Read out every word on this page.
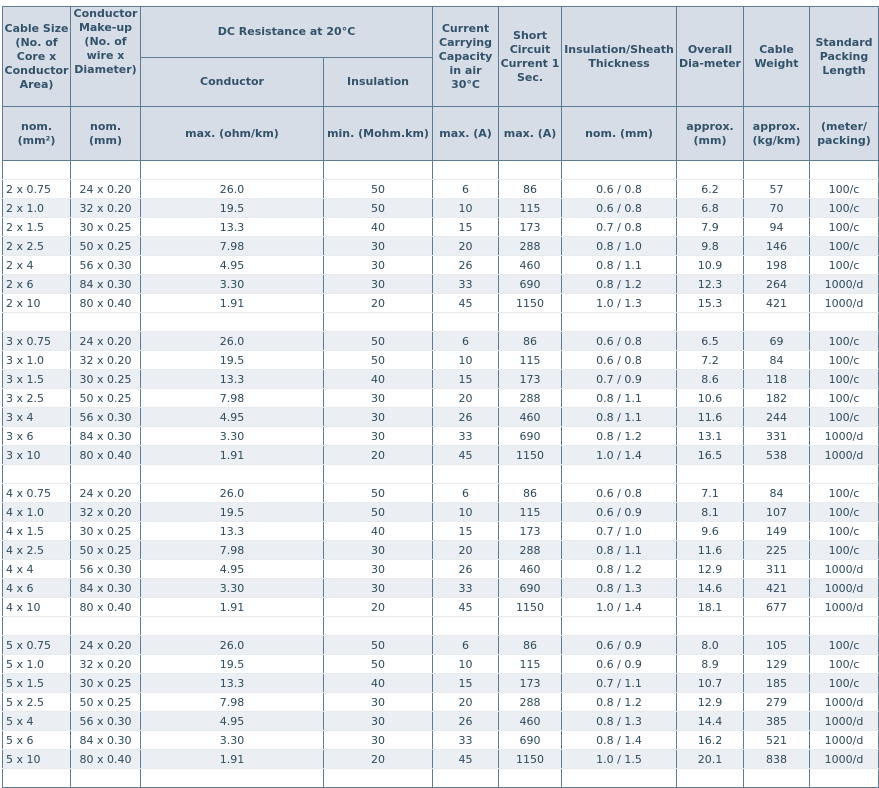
Cable Size (No. of Core x Conductor Area)	Conductor Make-up (No. of wire x Diameter)	DC Resistance at 20°C		Current Carrying Capacity in air 30°C	Short Circuit Current 1 Sec.	Insulation/Sheath Thickness	Overall Dia-meter	Cable Weight	Standard Packing Length
		Conductor	Insulation						
nom. (mm²)	nom. (mm)	max. (ohm/km)	min. (Mohm.km)	max. (A)	max. (A)	nom. (mm)	approx. (mm)	approx. (kg/km)	(meter/ packing)

2 x 0.75	24 x 0.20	26.0	50	6	86	0.6 / 0.8	6.2	57	100/c
2 x 1.0	32 x 0.20	19.5	50	10	115	0.6 / 0.8	6.8	70	100/c
2 x 1.5	30 x 0.25	13.3	40	15	173	0.7 / 0.8	7.9	94	100/c
2 x 2.5	50 x 0.25	7.98	30	20	288	0.8 / 1.0	9.8	146	100/c
2 x 4	56 x 0.30	4.95	30	26	460	0.8 / 1.1	10.9	198	100/c
2 x 6	84 x 0.30	3.30	30	33	690	0.8 / 1.2	12.3	264	1000/d
2 x 10	80 x 0.40	1.91	20	45	1150	1.0 / 1.3	15.3	421	1000/d

3 x 0.75	24 x 0.20	26.0	50	6	86	0.6 / 0.8	6.5	69	100/c
3 x 1.0	32 x 0.20	19.5	50	10	115	0.6 / 0.8	7.2	84	100/c
3 x 1.5	30 x 0.25	13.3	40	15	173	0.7 / 0.9	8.6	118	100/c
3 x 2.5	50 x 0.25	7.98	30	20	288	0.8 / 1.1	10.6	182	100/c
3 x 4	56 x 0.30	4.95	30	26	460	0.8 / 1.1	11.6	244	100/c
3 x 6	84 x 0.30	3.30	30	33	690	0.8 / 1.2	13.1	331	1000/d
3 x 10	80 x 0.40	1.91	20	45	1150	1.0 / 1.4	16.5	538	1000/d

4 x 0.75	24 x 0.20	26.0	50	6	86	0.6 / 0.8	7.1	84	100/c
4 x 1.0	32 x 0.20	19.5	50	10	115	0.6 / 0.9	8.1	107	100/c
4 x 1.5	30 x 0.25	13.3	40	15	173	0.7 / 1.0	9.6	149	100/c
4 x 2.5	50 x 0.25	7.98	30	20	288	0.8 / 1.1	11.6	225	100/c
4 x 4	56 x 0.30	4.95	30	26	460	0.8 / 1.2	12.9	311	1000/d
4 x 6	84 x 0.30	3.30	30	33	690	0.8 / 1.3	14.6	421	1000/d
4 x 10	80 x 0.40	1.91	20	45	1150	1.0 / 1.4	18.1	677	1000/d

5 x 0.75	24 x 0.20	26.0	50	6	86	0.6 / 0.9	8.0	105	100/c
5 x 1.0	32 x 0.20	19.5	50	10	115	0.6 / 0.9	8.9	129	100/c
5 x 1.5	30 x 0.25	13.3	40	15	173	0.7 / 1.1	10.7	185	100/c
5 x 2.5	50 x 0.25	7.98	30	20	288	0.8 / 1.2	12.9	279	1000/d
5 x 4	56 x 0.30	4.95	30	26	460	0.8 / 1.3	14.4	385	1000/d
5 x 6	84 x 0.30	3.30	30	33	690	0.8 / 1.4	16.2	521	1000/d
5 x 10	80 x 0.40	1.91	20	45	1150	1.0 / 1.5	20.1	838	1000/d
